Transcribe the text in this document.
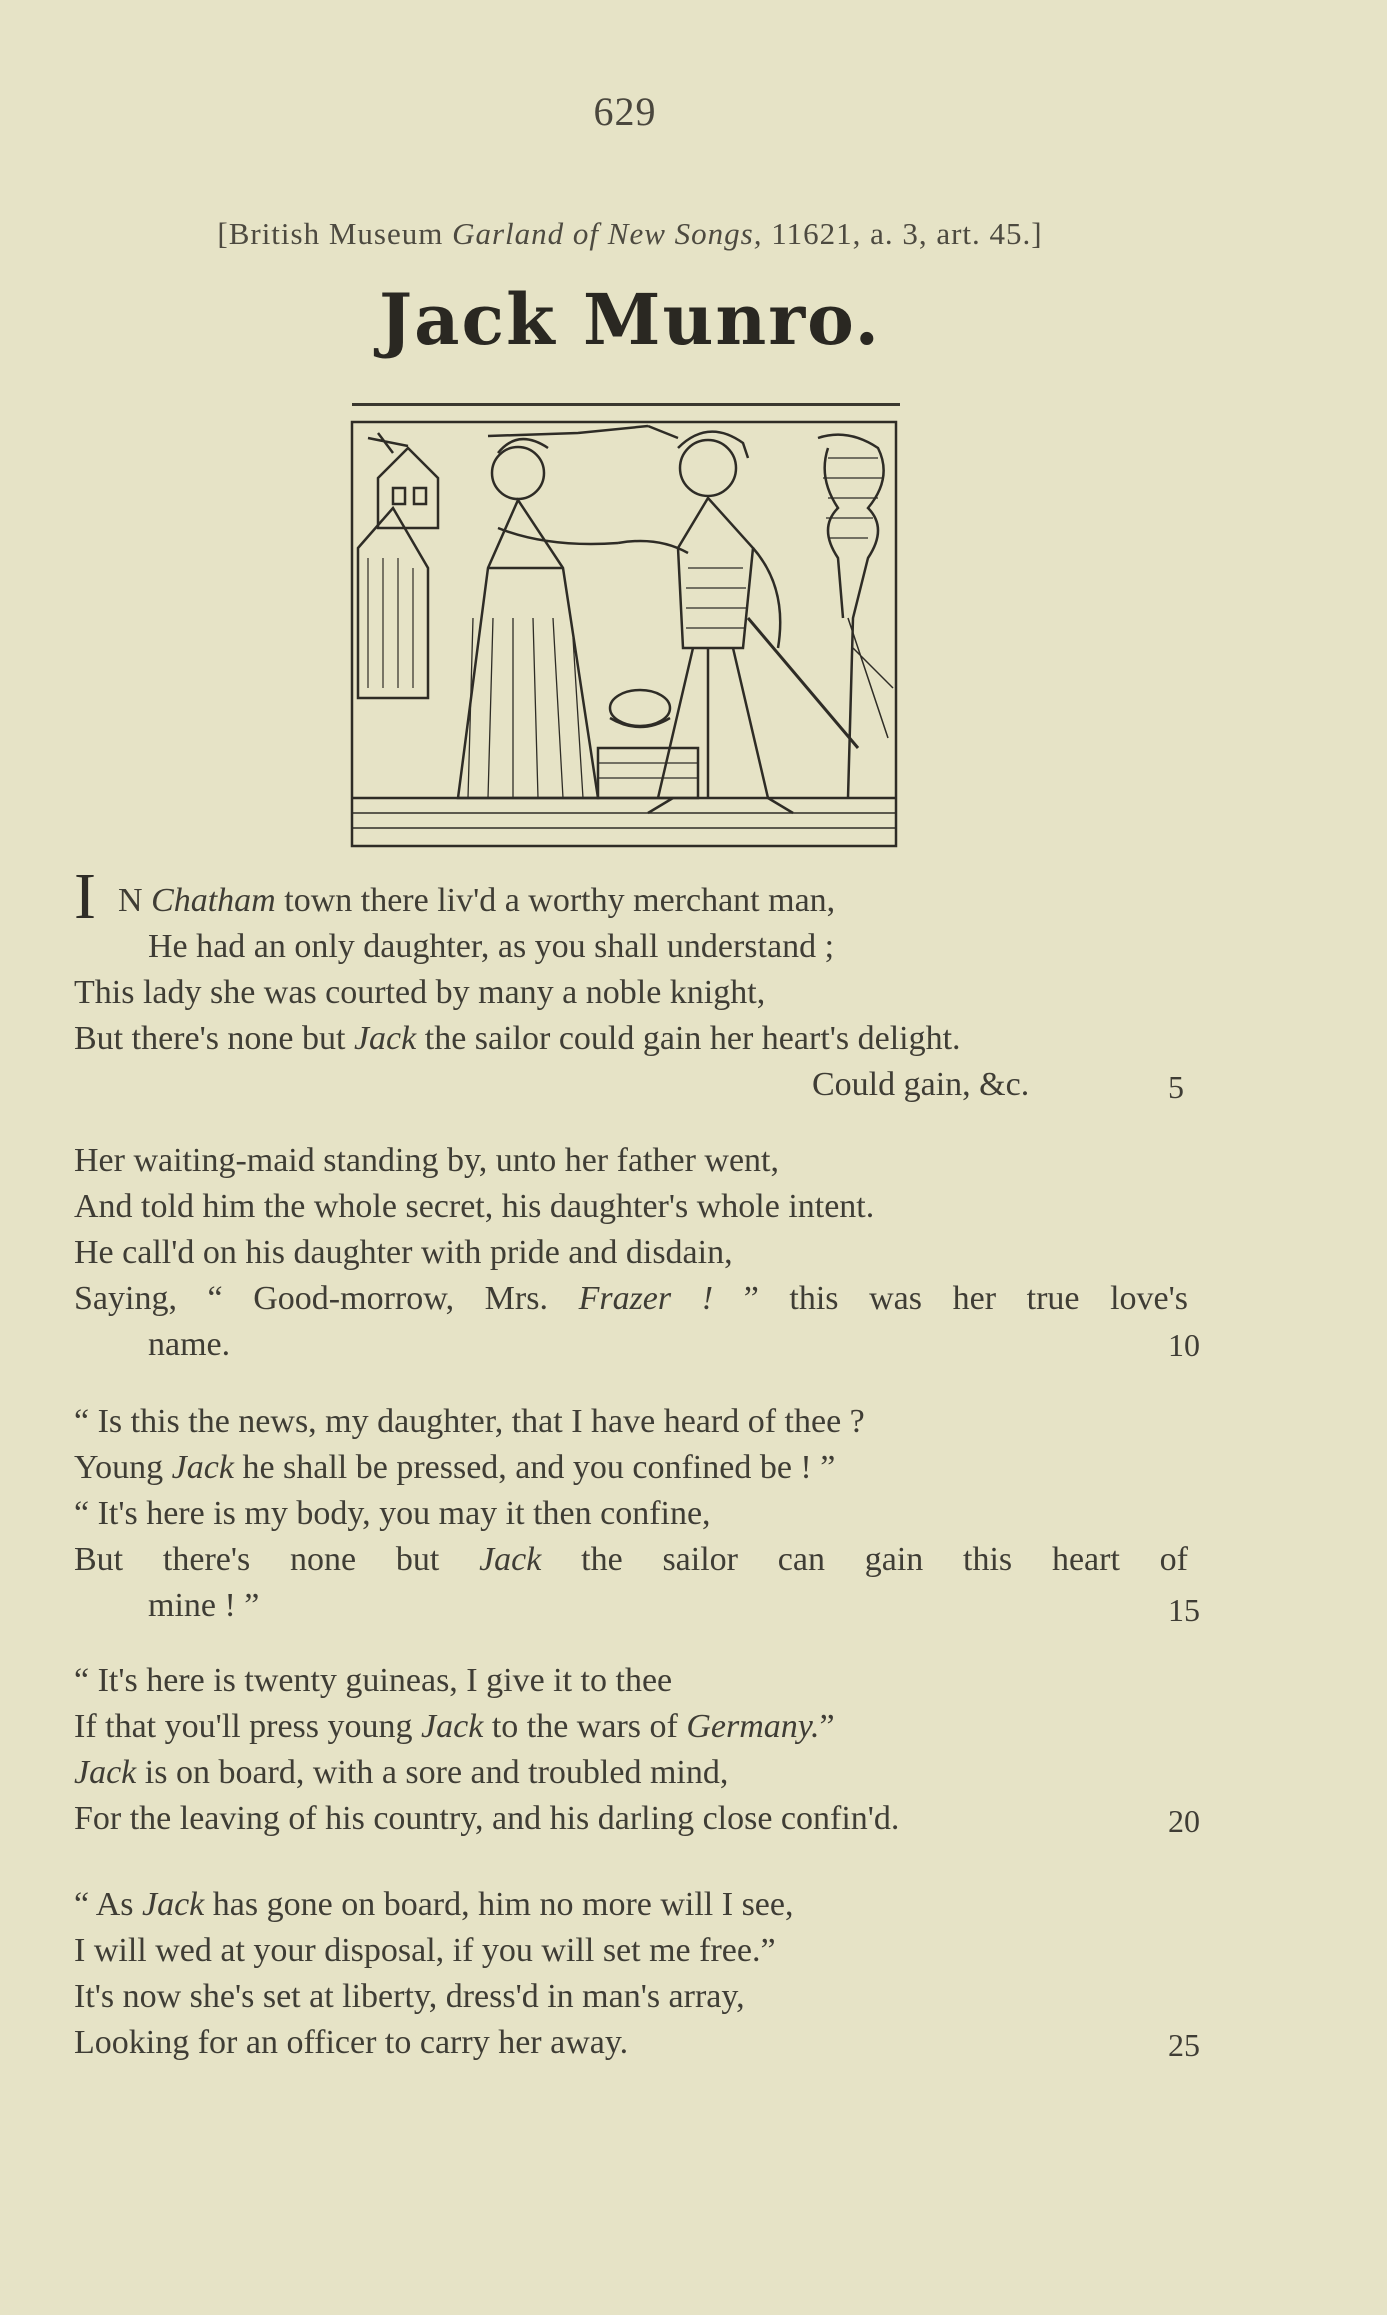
629
[British Museum Garland of New Songs, 11621, a. 3, art. 45.]
Jack Munro.
I N Chatham town there liv'd a worthy merchant man,
He had an only daughter, as you shall understand ;
This lady she was courted by many a noble knight,
But there's none but Jack the sailor could gain her heart's delight.
Could gain, &c.	5
Her waiting-maid standing by, unto her father went,
And told him the whole secret, his daughter's whole intent.
He call'd on his daughter with pride and disdain,
Saying, “ Good-morrow, Mrs. Frazer ! ” this was her true love's
name.	10
“ Is this the news, my daughter, that I have heard of thee ?
Young Jack he shall be pressed, and you confined be ! ”
“ It's here is my body, you may it then confine,
But there's none but Jack the sailor can gain this heart of
mine ! ”	15
“ It's here is twenty guineas, I give it to thee
If that you'll press young Jack to the wars of Germany.”
Jack is on board, with a sore and troubled mind,
For the leaving of his country, and his darling close confin'd.	20
“ As Jack has gone on board, him no more will I see,
I will wed at your disposal, if you will set me free.”
It's now she's set at liberty, dress'd in man's array,
Looking for an officer to carry her away.	25
